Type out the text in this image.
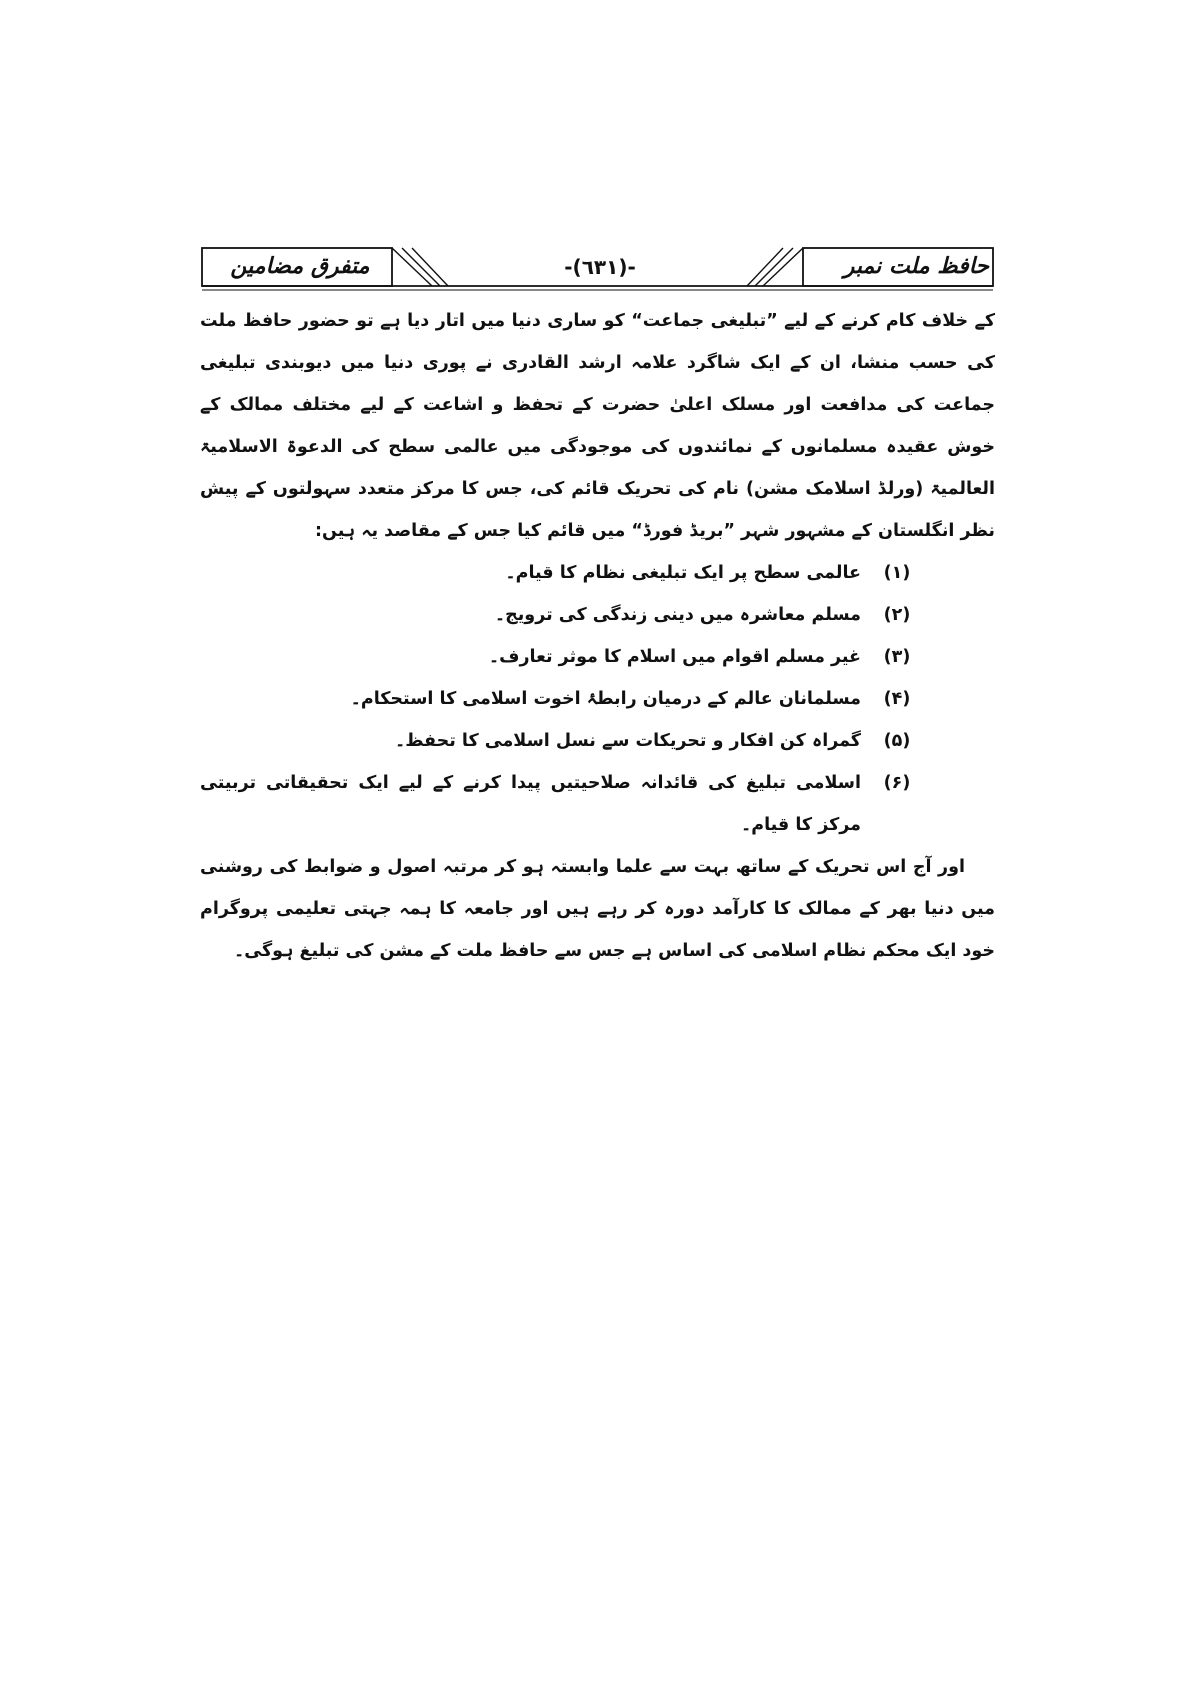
حافظ ملت نمبر
-(٦٣١)-
متفرق مضامین

کے خلاف کام کرنے کے لیے ”تبلیغی جماعت“ کو ساری دنیا میں اتار دیا ہے تو حضور حافظ ملت کی حسب منشا، ان کے ایک شاگرد علامہ ارشد القادری نے پوری دنیا میں دیوبندی تبلیغی جماعت کی مدافعت اور مسلک اعلیٰ حضرت کے تحفظ و اشاعت کے لیے مختلف ممالک کے خوش عقیدہ مسلمانوں کے نمائندوں کی موجودگی میں عالمی سطح کی الدعوۃ الاسلامیۃ العالمیۃ (ورلڈ اسلامک مشن) نام کی تحریک قائم کی، جس کا مرکز متعدد سہولتوں کے پیش نظر انگلستان کے مشہور شہر ”بریڈ فورڈ“ میں قائم کیا جس کے مقاصد یہ ہیں:

(۱)
عالمی سطح پر ایک تبلیغی نظام کا قیام۔
(۲)
مسلم معاشرہ میں دینی زندگی کی ترویج۔
(۳)
غیر مسلم اقوام میں اسلام کا موثر تعارف۔
(۴)
مسلمانان عالم کے درمیان رابطۂ اخوت اسلامی کا استحکام۔
(۵)
گمراہ کن افکار و تحریکات سے نسل اسلامی کا تحفظ۔
(۶)
اسلامی تبلیغ کی قائدانہ صلاحیتیں پیدا کرنے کے لیے ایک تحقیقاتی تربیتی مرکز کا قیام۔

اور آج اس تحریک کے ساتھ بہت سے علما وابستہ ہو کر مرتبہ اصول و ضوابط کی روشنی میں دنیا بھر کے ممالک کا کارآمد دورہ کر رہے ہیں اور جامعہ کا ہمہ جہتی تعلیمی پروگرام خود ایک محکم نظام اسلامی کی اساس ہے جس سے حافظ ملت کے مشن کی تبلیغ ہوگی۔
